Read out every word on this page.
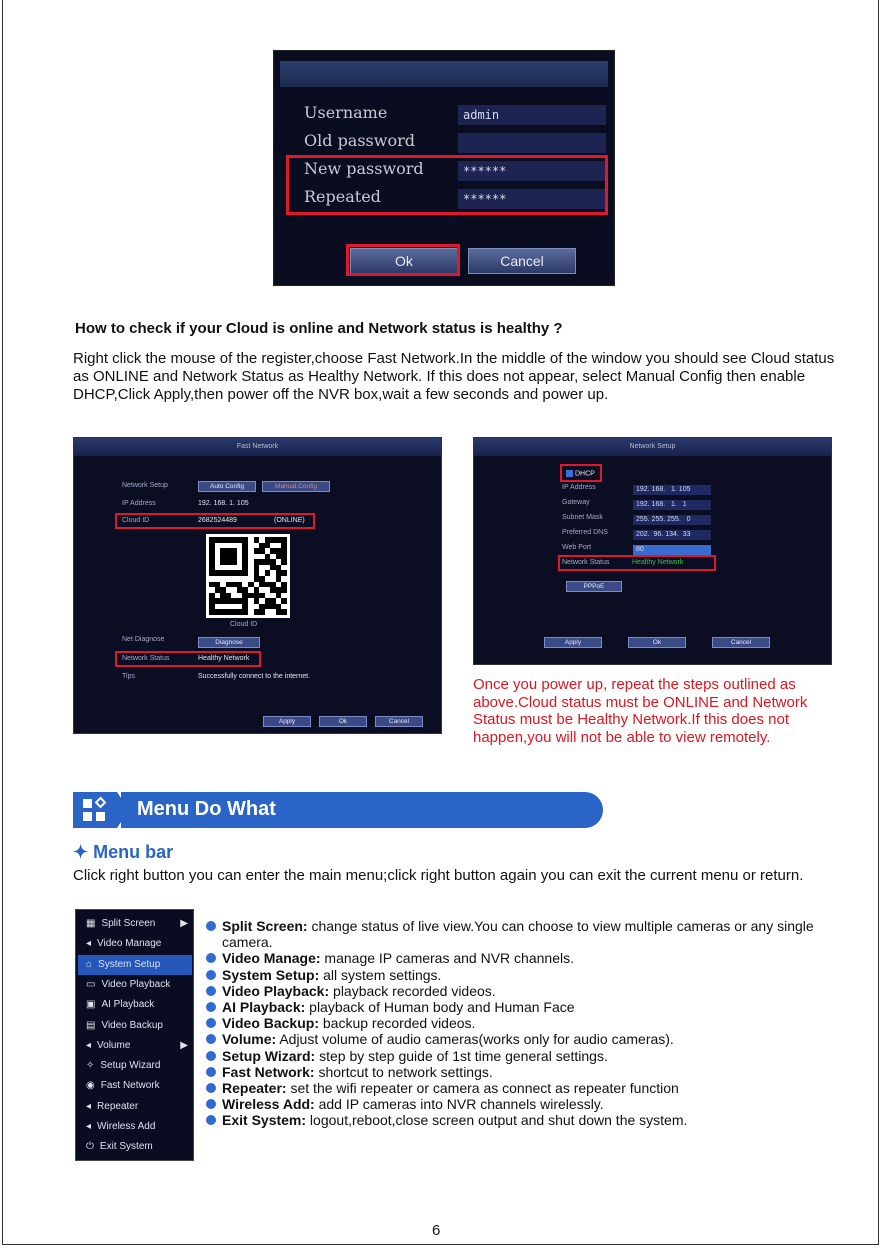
Username	admin
Old password
New password	******
Repeated	******
Ok	Cancel
How to check if your Cloud is online and Network status is healthy ?
Right click the mouse of the register,choose Fast Network.In the middle of the window you should see Cloud status as ONLINE and Network Status as Healthy Network. If this does not appear, select Manual Config then enable DHCP,Click Apply,then power off the NVR box,wait a few seconds and power up.
Fast Network
Network Setup	Auto Config	Manual Config
IP Address	192. 168. 1. 105
Cloud ID	2682524489	(ONLINE)
Cloud ID
Net Diagnose	Diagnose
Network Status	Healthy Network
Tips	Successfully connect to the internet.
Apply	Ok	Cancel
Network Setup
DHCP
IP Address	192. 168.   1. 105
Gateway	192. 168.   1.   1
Subnet Mask	255. 255. 255.   0
Preferred DNS	202.  96. 134.  33
Web Port	80
Network Status	Healthy Network
PPPoE
Apply	Ok	Cancel
Once you power up, repeat the steps outlined as above.Cloud status must be ONLINE and Network Status must be Healthy Network.If this does not happen,you will not be able to view remotely.
Menu Do What
✦ Menu bar
Click right button you can enter the main menu;click right button again you can exit the current menu or return.
▦ Split Screen ▶
◂ Video Manage
⌂ System Setup
▭ Video Playback
▣ AI Playback
▤ Video Backup
◂ Volume	▶
✧ Setup Wizard
◉ Fast Network
◂ Repeater
◂ Wireless Add
⏻ Exit System
Split Screen: change status of live view.You can choose to view multiple cameras or any single camera.
Video Manage: manage IP cameras and NVR channels.
System Setup: all system settings.
Video Playback: playback recorded videos.
AI Playback: playback of Human body and Human Face
Video Backup: backup recorded videos.
Volume: Adjust volume of audio cameras(works only for audio cameras).
Setup Wizard: step by step guide of 1st time general settings.
Fast Network: shortcut to network settings.
Repeater: set the wifi repeater or camera as connect as repeater function
Wireless Add: add IP cameras into NVR channels wirelessly.
Exit System: logout,reboot,close screen output and shut down the system.
6
